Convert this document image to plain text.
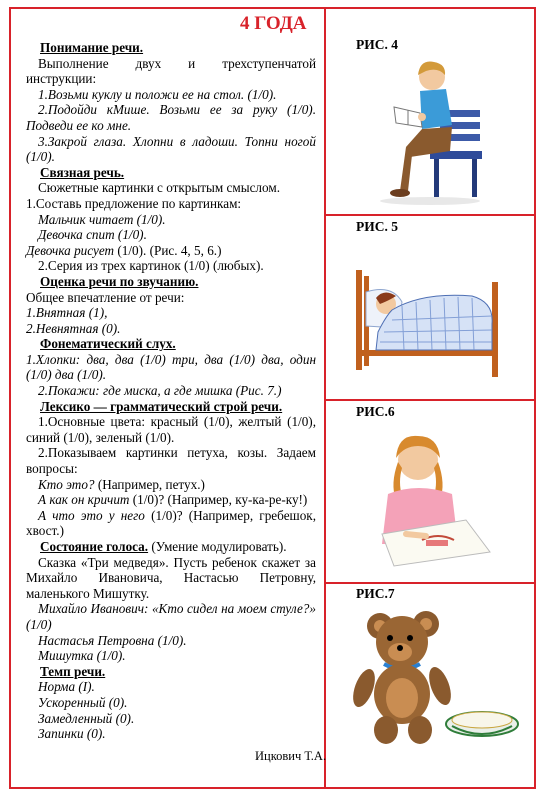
4 ГОДА

Понимание речи.

Выполнение двух и трехступенчатой инструкции:

1.Возьми куклу и положи ее на стол. (1/0).

2.Подойди кMише. Возьми ее за руку (1/0). Подведи ее ко мне.

3.Закрой глаза. Хлопни в ладоши. Топни ногой (1/0).

Связная речь.

Сюжетные картинки с открытым смыслом.

1.Составь предложение по картинкам:

Мальчик читает (1/0).

Девочка спит (1/0).

Девочка рисует (1/0). (Рис. 4, 5, 6.)

2.Серия из трех картинок (1/0) (любых).

Оценка речи по звучанию.

Общее впечатление от речи:

1.Внятная (1),

2.Невнятная (0).

Фонематический слух.

1.Хлопки: два, два (1/0) три, два (1/0) два, один (1/0) два (1/0).

2.Покажи: где миска, а где мишка (Рис. 7.)

Лексико — грамматический строй речи.

1.Основные цвета: красный (1/0), желтый (1/0), синий (1/0), зеленый (1/0).

2.Показываем картинки петуха, козы. Задаем вопросы:

Кто это? (Например, петух.)

А как он кричит (1/0)? (Например, ку-ка-ре-ку!)

А что это у него (1/0)? (Например, гребешок, хвост.)

Состояние голоса. (Умение модулировать).

Сказка «Три медведя». Пусть ребенок скажет за Михайло Ивановича, Настасью Петровну, маленького Мишутку.

Михайло Иванович: «Кто сидел на моем стуле?» (1/0)

Настасья Петровна (1/0).

Мишутка (1/0).

Темп речи.

Норма (I).

Ускоренный (0).

Замедленный (0).

Запинки (0).

Ицкович Т.А.
РИС. 4
РИС. 5
РИС.6
РИС.7
